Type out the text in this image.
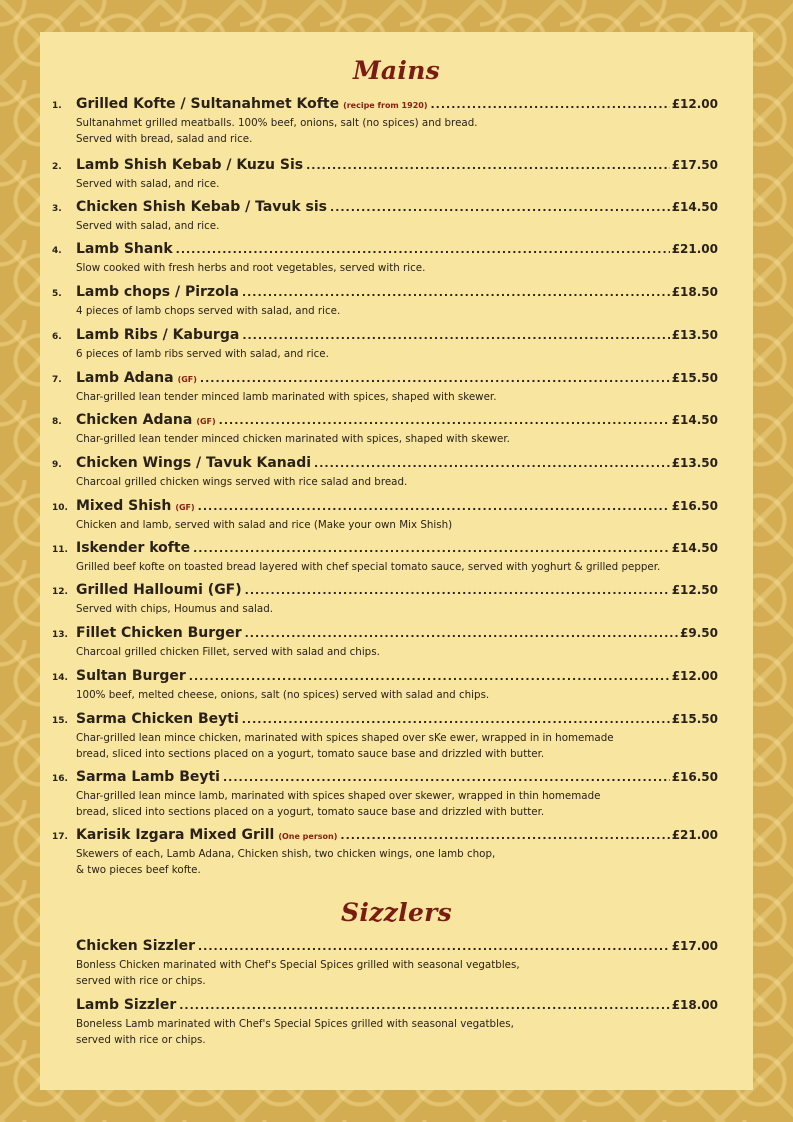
Mains
1. Grilled Kofte / Sultanahmet Kofte (recipe from 1920) .....	£12.00
Sultanahmet grilled meatballs. 100% beef, onions, salt (no spices) and bread.
Served with bread, salad and rice.
2. Lamb Shish Kebab / Kuzu Sis .....	£17.50
Served with salad, and rice.
3. Chicken Shish Kebab / Tavuk sis .....	£14.50
Served with salad, and rice.
4. Lamb Shank .....	£21.00
Slow cooked with fresh herbs and root vegetables, served with rice.
5. Lamb chops / Pirzola .....	£18.50
4 pieces of lamb chops served with salad, and rice.
6. Lamb Ribs / Kaburga .....	£13.50
6 pieces of lamb ribs served with salad, and rice.
7. Lamb Adana (GF) .....	£15.50
Char-grilled lean tender minced lamb marinated with spices, shaped with skewer.
8. Chicken Adana (GF) .....	£14.50
Char-grilled lean tender minced chicken marinated with spices, shaped with skewer.
9. Chicken Wings / Tavuk Kanadi .....	£13.50
Charcoal grilled chicken wings served with rice salad and bread.
10. Mixed Shish (GF) .....	£16.50
Chicken and lamb, served with salad and rice (Make your own Mix Shish)
11. Iskender kofte .....	£14.50
Grilled beef kofte on toasted bread layered with chef special tomato sauce, served with yoghurt & grilled pepper.
12. Grilled Halloumi (GF) .....	£12.50
Served with chips, Houmus and salad.
13. Fillet Chicken Burger .....	£9.50
Charcoal grilled chicken Fillet, served with salad and chips.
14. Sultan Burger .....	£12.00
100% beef, melted cheese, onions, salt (no spices) served with salad and chips.
15. Sarma Chicken Beyti .....	£15.50
Char-grilled lean mince chicken, marinated with spices shaped over sKe ewer, wrapped in in homemade
bread, sliced into sections placed on a yogurt, tomato sauce base and drizzled with butter.
16. Sarma Lamb Beyti .....	£16.50
Char-grilled lean mince lamb, marinated with spices shaped over skewer, wrapped in thin homemade
bread, sliced into sections placed on a yogurt, tomato sauce base and drizzled with butter.
17. Karisik Izgara Mixed Grill (One person) .....	£21.00
Skewers of each, Lamb Adana, Chicken shish, two chicken wings, one lamb chop,
& two pieces beef kofte.
Sizzlers
Chicken Sizzler .....	£17.00
Bonless Chicken marinated with Chef's Special Spices grilled with seasonal vegatbles,
served with rice or chips.
Lamb Sizzler .....	£18.00
Boneless Lamb marinated with Chef's Special Spices grilled with seasonal vegatbles,
served with rice or chips.
